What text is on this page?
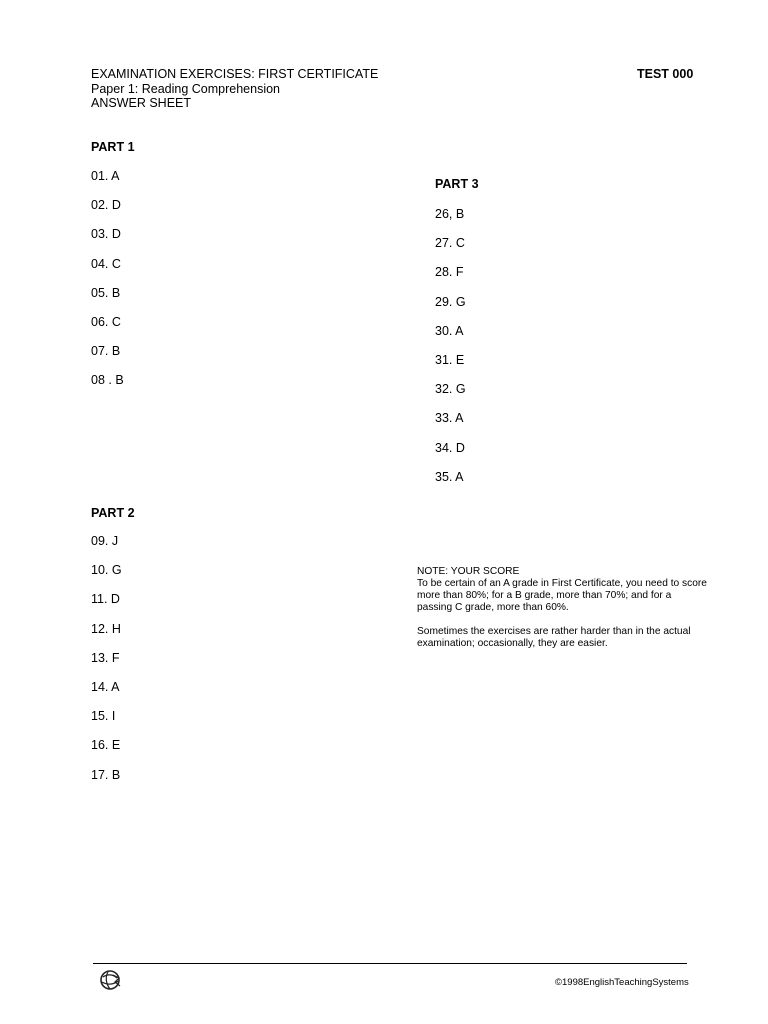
EXAMINATION EXERCISES: FIRST CERTIFICATE
Paper 1: Reading Comprehension
ANSWER SHEET
TEST 000
PART 1
01. A
02. D
03. D
04. C
05. B
06. C
07. B
08 . B
PART 2
09. J
10. G
11. D
12. H
13. F
14. A
15. I
16. E
17. B
PART 3
26, B
27. C
28. F
29. G
30. A
31. E
32. G
33. A
34. D
35. A

NOTE: YOUR SCORE
To be certain of an A grade in First Certificate, you need to score more than 80%; for a B grade, more than 70%; and for a passing C grade, more than 60%.

Sometimes the exercises are rather harder than in the actual examination; occasionally, they are easier.

©1998EnglishTeachingSystems
